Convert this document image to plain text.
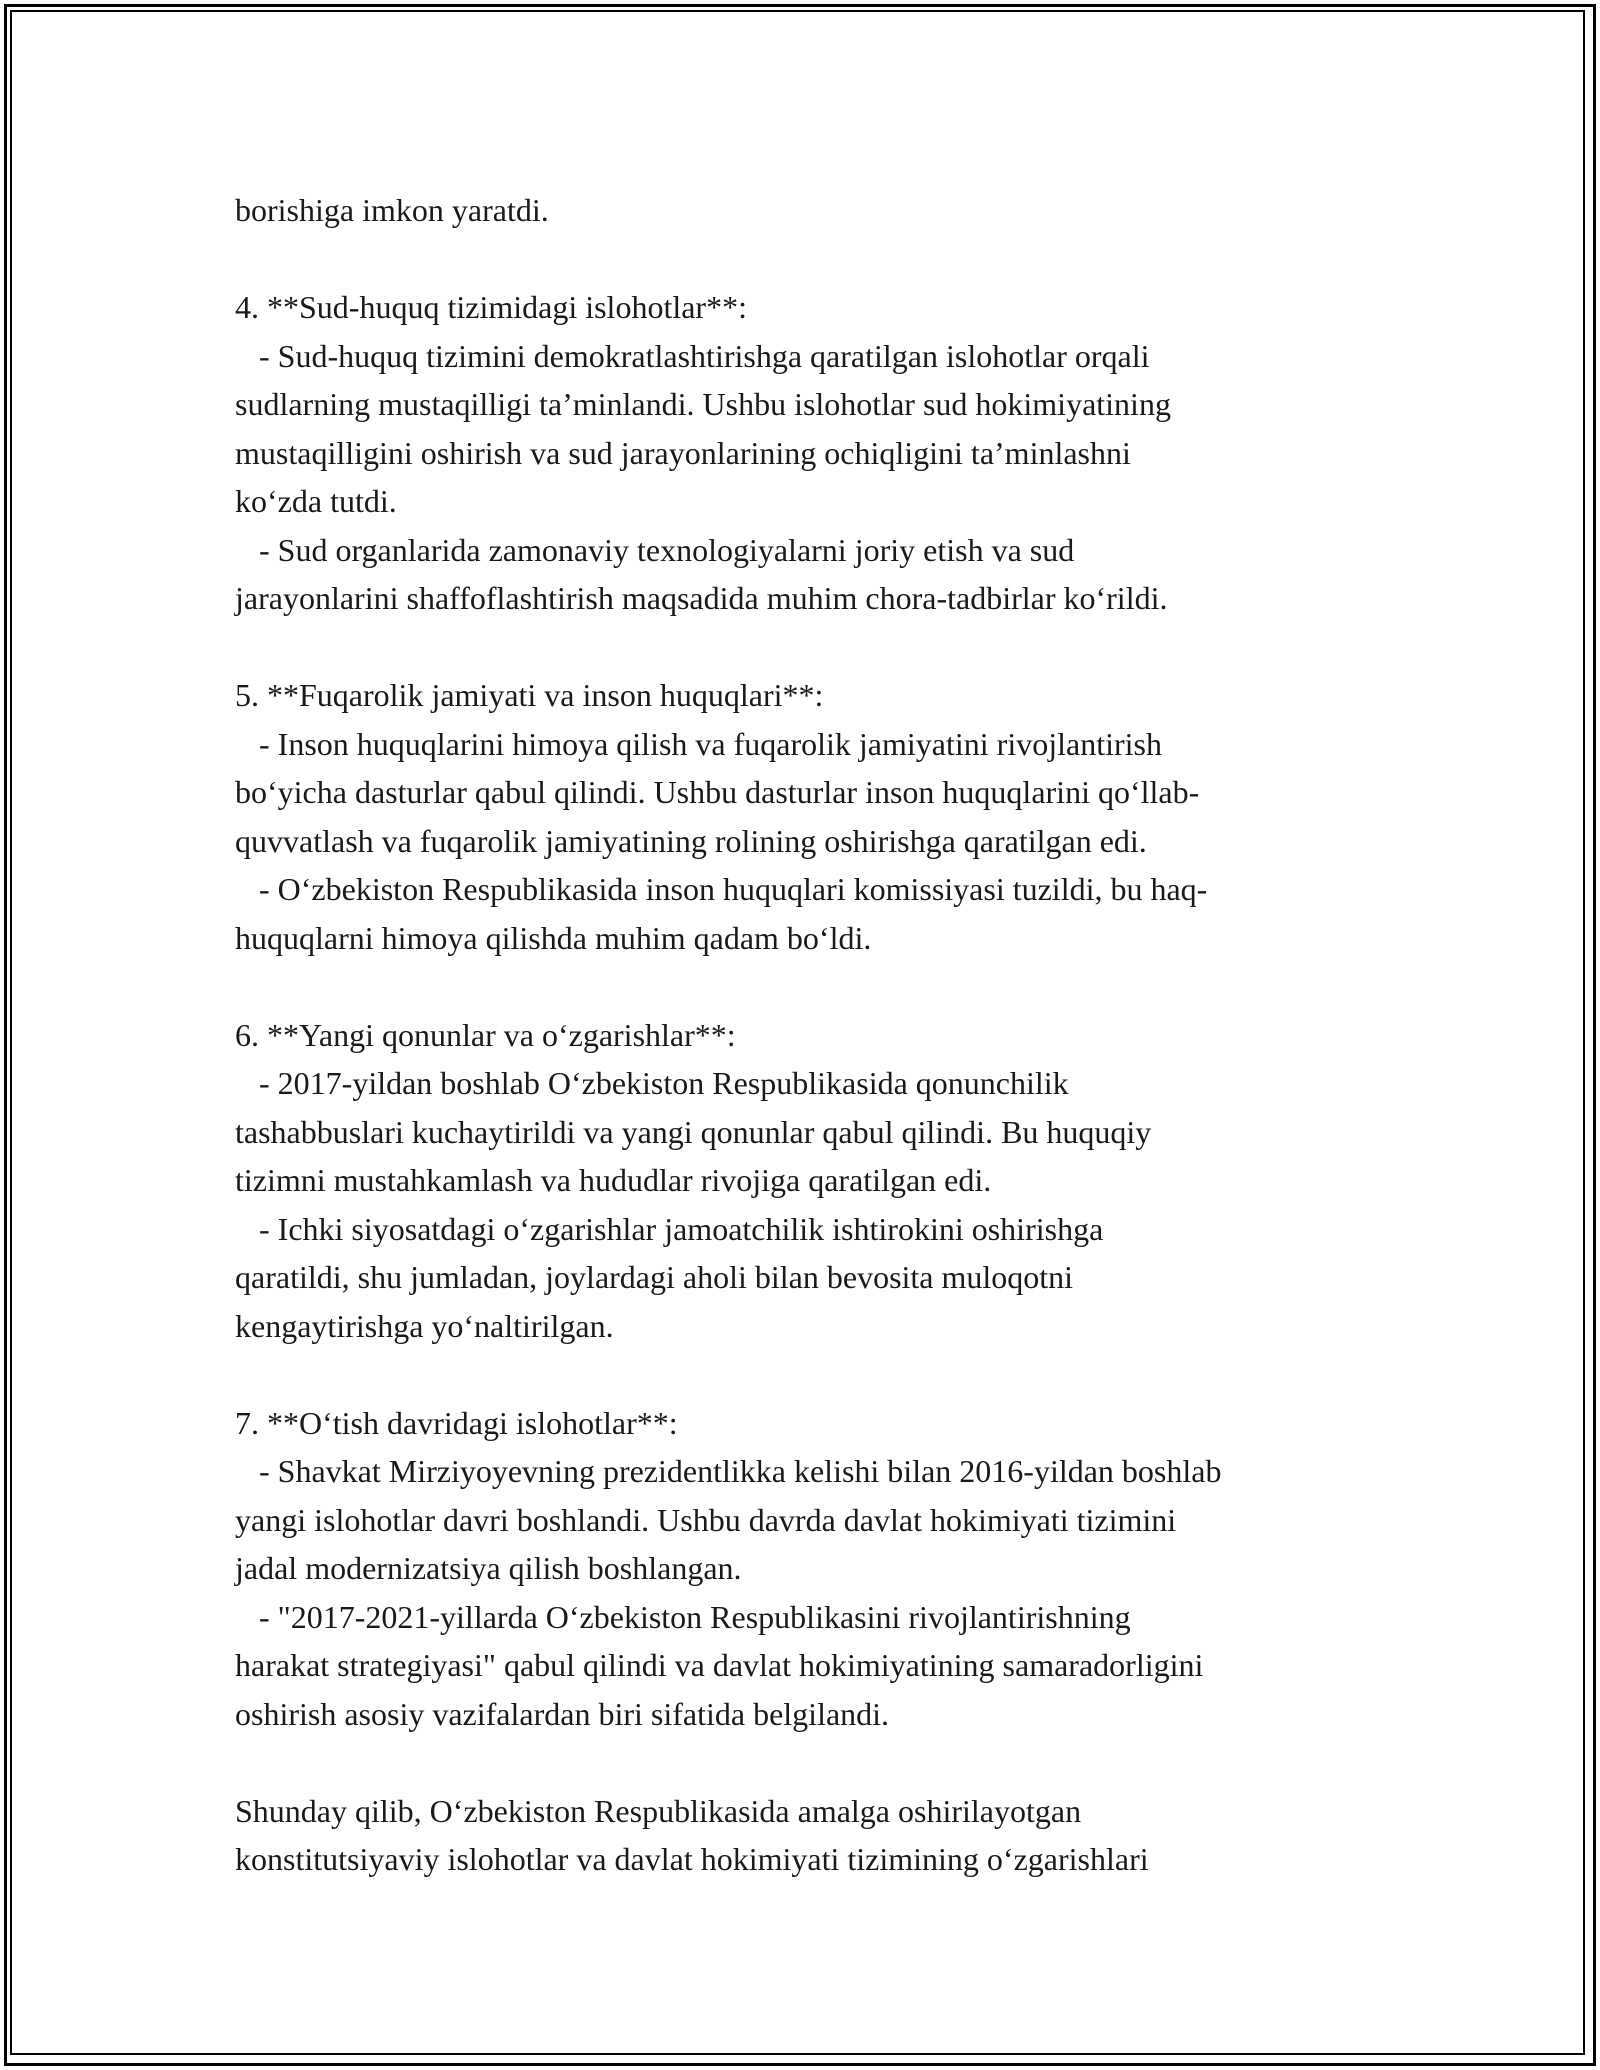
borishiga imkon yaratdi.
4. **Sud-huquq tizimidagi islohotlar**:
- Sud-huquq tizimini demokratlashtirishga qaratilgan islohotlar orqali
sudlarning mustaqilligi ta’minlandi. Ushbu islohotlar sud hokimiyatining
mustaqilligini oshirish va sud jarayonlarining ochiqligini ta’minlashni
ko‘zda tutdi.
- Sud organlarida zamonaviy texnologiyalarni joriy etish va sud
jarayonlarini shaffoflashtirish maqsadida muhim chora-tadbirlar ko‘rildi.
5. **Fuqarolik jamiyati va inson huquqlari**:
- Inson huquqlarini himoya qilish va fuqarolik jamiyatini rivojlantirish
bo‘yicha dasturlar qabul qilindi. Ushbu dasturlar inson huquqlarini qo‘llab-
quvvatlash va fuqarolik jamiyatining rolining oshirishga qaratilgan edi.
- O‘zbekiston Respublikasida inson huquqlari komissiyasi tuzildi, bu haq-
huquqlarni himoya qilishda muhim qadam bo‘ldi.
6. **Yangi qonunlar va o‘zgarishlar**:
- 2017-yildan boshlab O‘zbekiston Respublikasida qonunchilik
tashabbuslari kuchaytirildi va yangi qonunlar qabul qilindi. Bu huquqiy
tizimni mustahkamlash va hududlar rivojiga qaratilgan edi.
- Ichki siyosatdagi o‘zgarishlar jamoatchilik ishtirokini oshirishga
qaratildi, shu jumladan, joylardagi aholi bilan bevosita muloqotni
kengaytirishga yo‘naltirilgan.
7. **O‘tish davridagi islohotlar**:
- Shavkat Mirziyoyevning prezidentlikka kelishi bilan 2016-yildan boshlab
yangi islohotlar davri boshlandi. Ushbu davrda davlat hokimiyati tizimini
jadal modernizatsiya qilish boshlangan.
- "2017-2021-yillarda O‘zbekiston Respublikasini rivojlantirishning
harakat strategiyasi" qabul qilindi va davlat hokimiyatining samaradorligini
oshirish asosiy vazifalardan biri sifatida belgilandi.
Shunday qilib, O‘zbekiston Respublikasida amalga oshirilayotgan
konstitutsiyaviy islohotlar va davlat hokimiyati tizimining o‘zgarishlari
